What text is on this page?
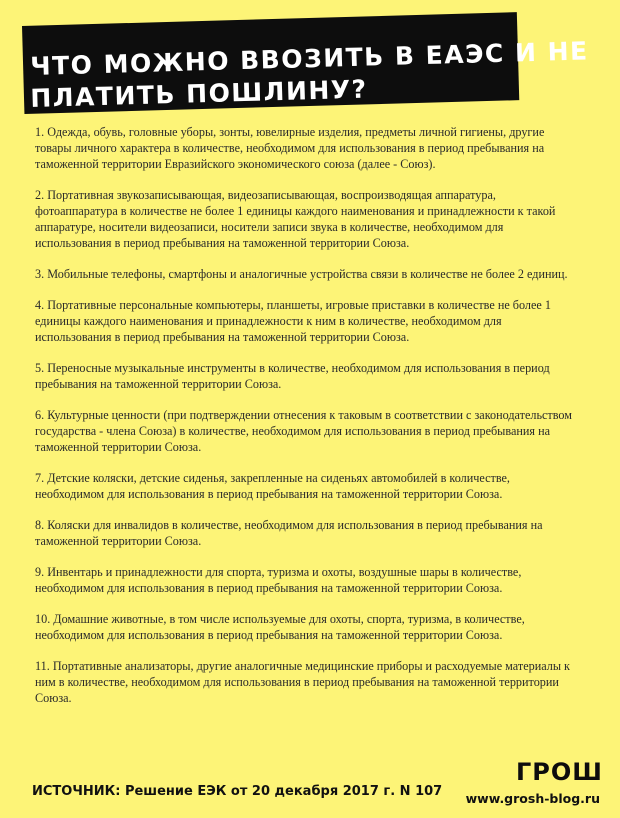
ЧТО МОЖНО ВВОЗИТЬ В ЕАЭС И НЕ
ПЛАТИТЬ ПОШЛИНУ?

1. Одежда, обувь, головные уборы, зонты, ювелирные изделия, предметы личной гигиены, другие товары личного характера в количестве, необходимом для использования в период пребывания на таможенной территории Евразийского экономического союза (далее - Союз).

2. Портативная звукозаписывающая, видеозаписывающая, воспроизводящая аппаратура, фотоаппаратура в количестве не более 1 единицы каждого наименования и принадлежности к такой аппаратуре, носители видеозаписи, носители записи звука в количестве, необходимом для использования в период пребывания на таможенной территории Союза.

3. Мобильные телефоны, смартфоны и аналогичные устройства связи в количестве не более 2 единиц.

4. Портативные персональные компьютеры, планшеты, игровые приставки в количестве не более 1 единицы каждого наименования и принадлежности к ним в количестве, необходимом для использования в период пребывания на таможенной территории Союза.

5. Переносные музыкальные инструменты в количестве, необходимом для использования в период пребывания на таможенной территории Союза.

6. Культурные ценности (при подтверждении отнесения к таковым в соответствии с законодательством государства - члена Союза) в количестве, необходимом для использования в период пребывания на таможенной территории Союза.

7. Детские коляски, детские сиденья, закрепленные на сиденьях автомобилей в количестве, необходимом для использования в период пребывания на таможенной территории Союза.

8. Коляски для инвалидов в количестве, необходимом для использования в период пребывания на таможенной территории Союза.

9. Инвентарь и принадлежности для спорта, туризма и охоты, воздушные шары в количестве, необходимом для использования в период пребывания на таможенной территории Союза.

10. Домашние животные, в том числе используемые для охоты, спорта, туризма, в количестве, необходимом для использования в период пребывания на таможенной территории Союза.

11. Портативные анализаторы, другие аналогичные медицинские приборы и расходуемые материалы к ним в количестве, необходимом для использования в период пребывания на таможенной территории Союза.

ИСТОЧНИК: Решение ЕЭК от 20 декабря 2017 г. N 107
ГРОШ
www.grosh-blog.ru
